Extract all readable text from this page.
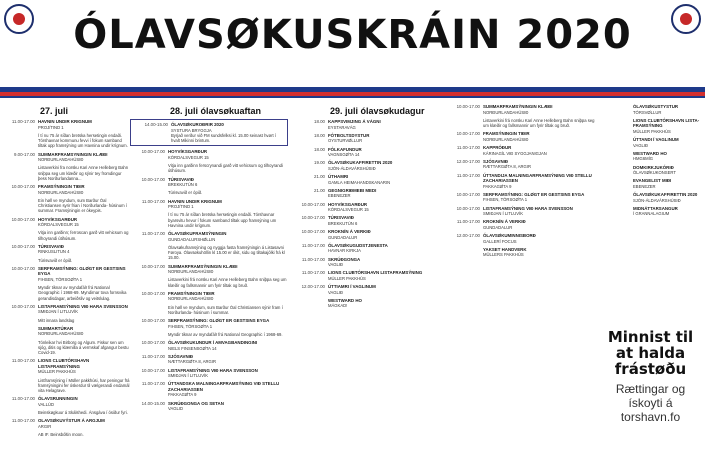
ÓLAVSØKUSKRÁIN 2020
27. juli
11.00-17.00 HAVNIN UNDIR KRIGNUM
PROJ/TIND 1
Í tí nu 75 ár síðan bretska hersetingin endaði. Tórshavnar kommunu fevvi í fokum samband tiltak upp framsýning um Havnina undir krígnum.
9.00-17.00 SUMMARFRAMSYNINGIN KLÆÐI
NORÐURLANDAHÚSIÐ
Listaverkini fra norsku Kari Anne Helleberg Bahn sniþpa seg um klæðir og sýnir tey fromdingur þess Norðurlandanna...
10.00-17.00 FRAMSÝNINGIN TIÐIR
NORÐURLANDAHÚSIÐ
Ein høll ve myndum, sum Barður Óal Christiansen syrir frian í Norðurlanda- húsinum í summar. Framsýningin er ókeypis.
10.00-17.00 HOYVÍKSGARÐUR
KÓRDALSVEGUR 15
Vitja inn garðinn; ferroscan garð vitt vehicsum og tilhoyrandi útihúsum.
10.00-17.00 TÚRISVAVIÐ
RINKUSLITUN 4
Túrisvavið er ópið.
10.00-17.00 SERFRAMSÝNING: GLØGT ER GESTSINS EYGA
FIHSEN, TÓRSGØTA 1
Myndir tiknar av myndafálr frá National Geographic í 1968-69. Myndirnar tova fornsvika gerandisdagar, arbeiðsliv og veitslulag.
10.00-17.00 LISTAFRAMSÝNING VIÐ HARA SVENSSON
SMIÐJAN Í LITLUVÍK
Mitt innara landslag
SUMMARTÚRAR
NORÐURLANDAHÚSIÐ
Tónleikar hvi Birborg og Algum. Fiskur sen um sjóg, ditis og klæmilla á vermskaf afgangur bestu Covid-19.
11.00-17.00 LIONS CLUBTÓRSHAVN LISTAFRAMSÝNING
MÚLLER PAKKHÚS
Listframsýning í Müller pakkhúsi, har peningur frá framsýningini fer óskerdur til vælgerandi endamál vita Helagrave.
11.00-17.00 ÓLAVSRUNNINGIN
VALLÚD
Beinskøgkuur á Skálshedi. Ánsgáva í ósiður fyri.
11.00-17.00 OLAVSØKUVÝSTUR Á ARGJUM
ARGIR
AB IF. Beinsbóltin moon.
28. juli ólavsøkuaftan
14.00-15.00 ÓLAVSØKUROÐRIR 2020
SYSTURA BRYGGJA
Byrjað verður við FM sundsfelksi kl. 15.00 seinast hvørt í hvalt Mikinni brintum.
10.00-17.00 HOYVÍKSGARÐUR
KÓRDALSVEGUR 15
Vitja inn garðinn ferscrynandi garð vitt vehicsum og tilhoyrandi útihúsum.
10.00-17.00 TÚRISVAVIÐ
BREKKUTÚN 6
Túrisvavið er ópið.
11.00-17.00 HAVNIN UNDIR KRIGNUM
PROJ/TIND 1
Í tí nu 75 ár síðan bretska hersetingin endaði. Tórshavnar byarsvitu hevur í fokum samband tiltak upp framsýning um Havnina undir krígnum.
11.00-17.00 ÓLAVSØKUFRAMSÝNINGIN
GUNDADALURSHØLLIN
Ólavsøkuframsýning og nyggja fasta framsýningin á Listasavni Føroya. Ólavsøkuhöllin kl 15.00 er ókit, sidu og tiltakajólki frá kl 15.00.
10.00-17.00 SUMMARFRAMSÝNINGIN KLÆÐI
NORÐURLANDAHÚSIÐ
Listaverkini frá norsku Kari Anne Helleberg Bahn sniþpa seg um klæðir og fallsmannir um fyrir tiltak og bruð.
10.00-17.00 FRAMSÝNINGIN TIÐIR
NORÐURLANDAHÚSIÐ
Ein høll ve myndum, sum Barður Óal Christiansen sýnir fram í Norðurlanda- húsinum í summar.
10.00-17.00 SERFRAMSÝNING: GLØGT ER GESTSINS EYGA
FIHSEN, TÓRSGØTA 1
Myndir tiknar av myndafálr frá National Geographic í 1968-69.
10.00-17.00 ÓLAVSØKUKUNDUR Í AMVAGBANDINGINI
NIELS FINSENSGØTA 14
11.00-17.00 SJÓSAVNIÐ
NÆTTARGØTA 8, ARGIR
10.00-17.00 LISTAFRAMSÝNING VIÐ HARA SVENSSON
SMIÐJAN Í LITLUVÍK
11.00-17.00 ÚTTANDSKA MALNINGARFRAMSÝNING VIÐ STELLU ZACHARIASSEN
PAKKAGØTA 9
14.00-15.00 SKRÚÐGONGA OG SETAN
VAGLID
29. juli ólavsøkudagur
18.00 KAPPSVIMJING Á VÁGNI
EYSTARAVÁG
18.00 FÓTBOLTSDYSTUR
OYSTURVØLLUR
18.00 FÓLKAFUNDUR
VAGNSGØTA 14
19.00 ÓLAVSØKUKAFFIRETTIN 2020
SJÓN-ÁLDAVÁRSHÚSIÐ
21.00 ÚTHAMRI
GAMLA HEIMAHANDSKANARIN
21.00 GEGNIGRIÐMEBI MEDI
EBENEZER
10.00-17.00 HOYVÍKSGARÐUR
KÓRDALSVEGUR 15
10.00-17.00 TÚRISVAVIÐ
BREKKUTÚN 6
10.00-17.00 KROKNÍN Á VERKIÐ
GUNDADALUR
11.00-17.00 ÓLAVSØKUGUDSTJENESTA
HAVNAR KIRKJA
11.00-17.00 SKRÚÐGONGA
VAGLIÐ
11.00-17.00 LIONS CLUBTÓRSHAVN LISTAFRAMSÝNING
MÚLLER PAKKHÚS
12.00-17.00 ÚTTIAMRI Í VAGLINUM
VAGLIÐ
WESTWARD HO
MÁGKAD!
10.00-17.00 SUMMARFRAMSÝNINGIN KLÆÐI
NORÐURLANDAHÚSIÐ
Listaverkini frá norsku Kari Anne Helleberg Bahn sniþpa seg um klæðir og fallsmannir um fyrir tiltak og bruð.
10.00-17.00 FRAMSÝNINGIN TIÐIR
NORÐURLANDAHÚSIÐ
11.00-17.00 KAPPRÓÐUR
KÁRINAGÍL VIÐ SYGGJANIGJAN
12.00-17.00 SJÓSAVNIÐ
RÆTTARGØTA 8, ARGIR
11.00-17.00 ÚTTANDIJA MALNINGARFRAMSÝNING VIÐ STELLU ZACHARIASSEN
PAKKAGØTA 9
10.00-17.00 SERFRAMSÝNING: GLØGT ER GESTSINS EYGA
FIHSEN, TÓRSGØTA 1
10.00-17.00 LISTAFRAMSÝNING VIÐ HARA SVENSSON
SMIÐJAN Í LITLUVÍK
11.00-17.00 KROKNÍN Á VERKIÐ
GUNDADALUR
12.00-17.00 ÓLAVSØKUMINNISBORÐ
GALLERÍ FOCUS
YAKSET HANDVERK
MÜLLERS PAKKHÚS
ÓLAVSØKUSTYSTUR
TÓRSVØLLUR
LIONS CLUBTÓRSHAVN LISTA- FRAMSÝNING
MÚLLER PAKKHÚS
ÚTTANDI Í VAGLINUM
VAGLIÐ
WESTWARD HO
HMG6MÍG
DOMKIRKJUKÓRIÐ
ÓLAVSØKUKONSERT
EVANGELIST MIÐI
EBENEZER
ÓLAVSØKUKAFFIRETTIN 2020
SJÓN-ÁLDAVÁRSHÚSIÐ
MIDNÁTTARSANGUR
Í GRANNALAGIUM
Minnist til at halda frástøðu
Rættingar og ískoyti á torshavn.fo
